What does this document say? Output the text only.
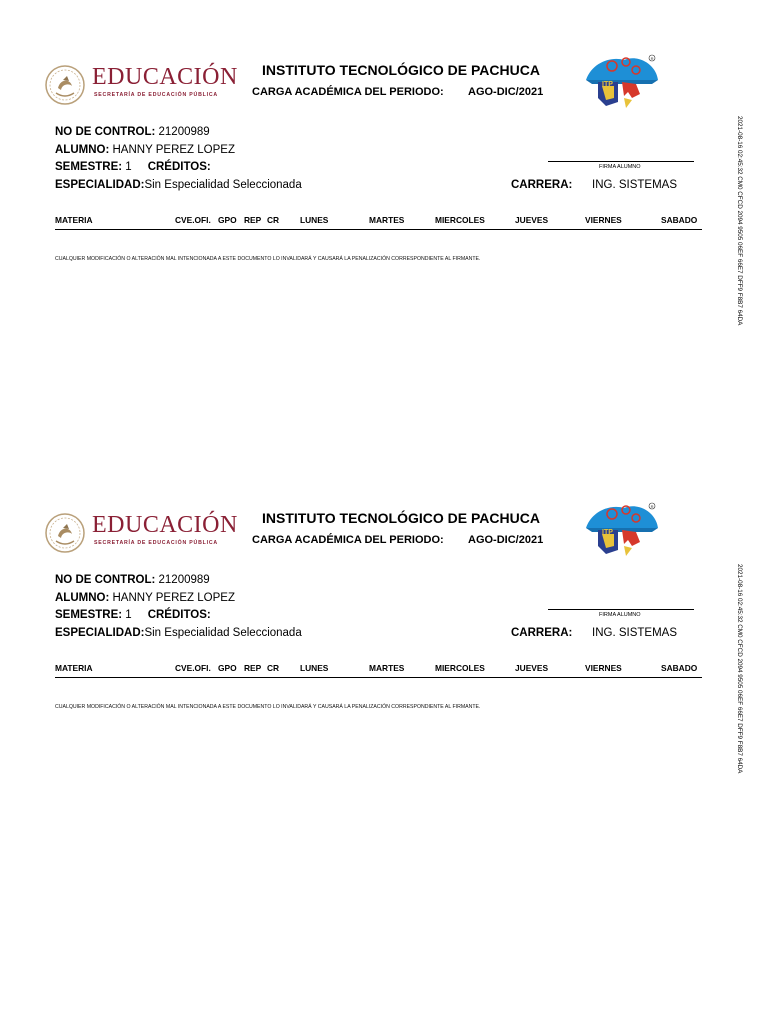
EDUCACIÓN
SECRETARÍA DE EDUCACIÓN PÚBLICA
INSTITUTO TECNOLÓGICO DE PACHUCA
CARGA ACADÉMICA DEL PERIODO: AGO-DIC/2021
ITP
R
NO DE CONTROL: 21200989
ALUMNO: HANNY PEREZ LOPEZ
SEMESTRE: 1 CRÉDITOS:
ESPECIALIDAD:Sin Especialidad Seleccionada	CARRERA: ING. SISTEMAS
FIRMA ALUMNO
MATERIA	CVE.OFI. GPO REP CR LUNES	MARTES	MIERCOLES	JUEVES	VIERNES	SABADO
CUALQUIER MODIFICACIÓN O ALTERACIÓN MAL INTENCIONADA A ESTE DOCUMENTO LO INVALIDARÁ Y CAUSARÁ LA PENALIZACIÓN CORRESPONDIENTE AL FIRMANTE.	2021-08-16 02:45:32 CM0 CFCD 2094 9505 06EF 66E7 DFF9 F8B7 64DA
EDUCACIÓN
SECRETARÍA DE EDUCACIÓN PÚBLICA
INSTITUTO TECNOLÓGICO DE PACHUCA
CARGA ACADÉMICA DEL PERIODO: AGO-DIC/2021
ITP
R
NO DE CONTROL: 21200989
ALUMNO: HANNY PEREZ LOPEZ
SEMESTRE: 1 CRÉDITOS:
ESPECIALIDAD:Sin Especialidad Seleccionada	CARRERA: ING. SISTEMAS
FIRMA ALUMNO
MATERIA	CVE.OFI. GPO REP CR LUNES	MARTES	MIERCOLES	JUEVES	VIERNES	SABADO
CUALQUIER MODIFICACIÓN O ALTERACIÓN MAL INTENCIONADA A ESTE DOCUMENTO LO INVALIDARÁ Y CAUSARÁ LA PENALIZACIÓN CORRESPONDIENTE AL FIRMANTE.	2021-08-16 02:45:32 CM0 CFCD 2094 9505 06EF 66E7 DFF9 F8B7 64DA
